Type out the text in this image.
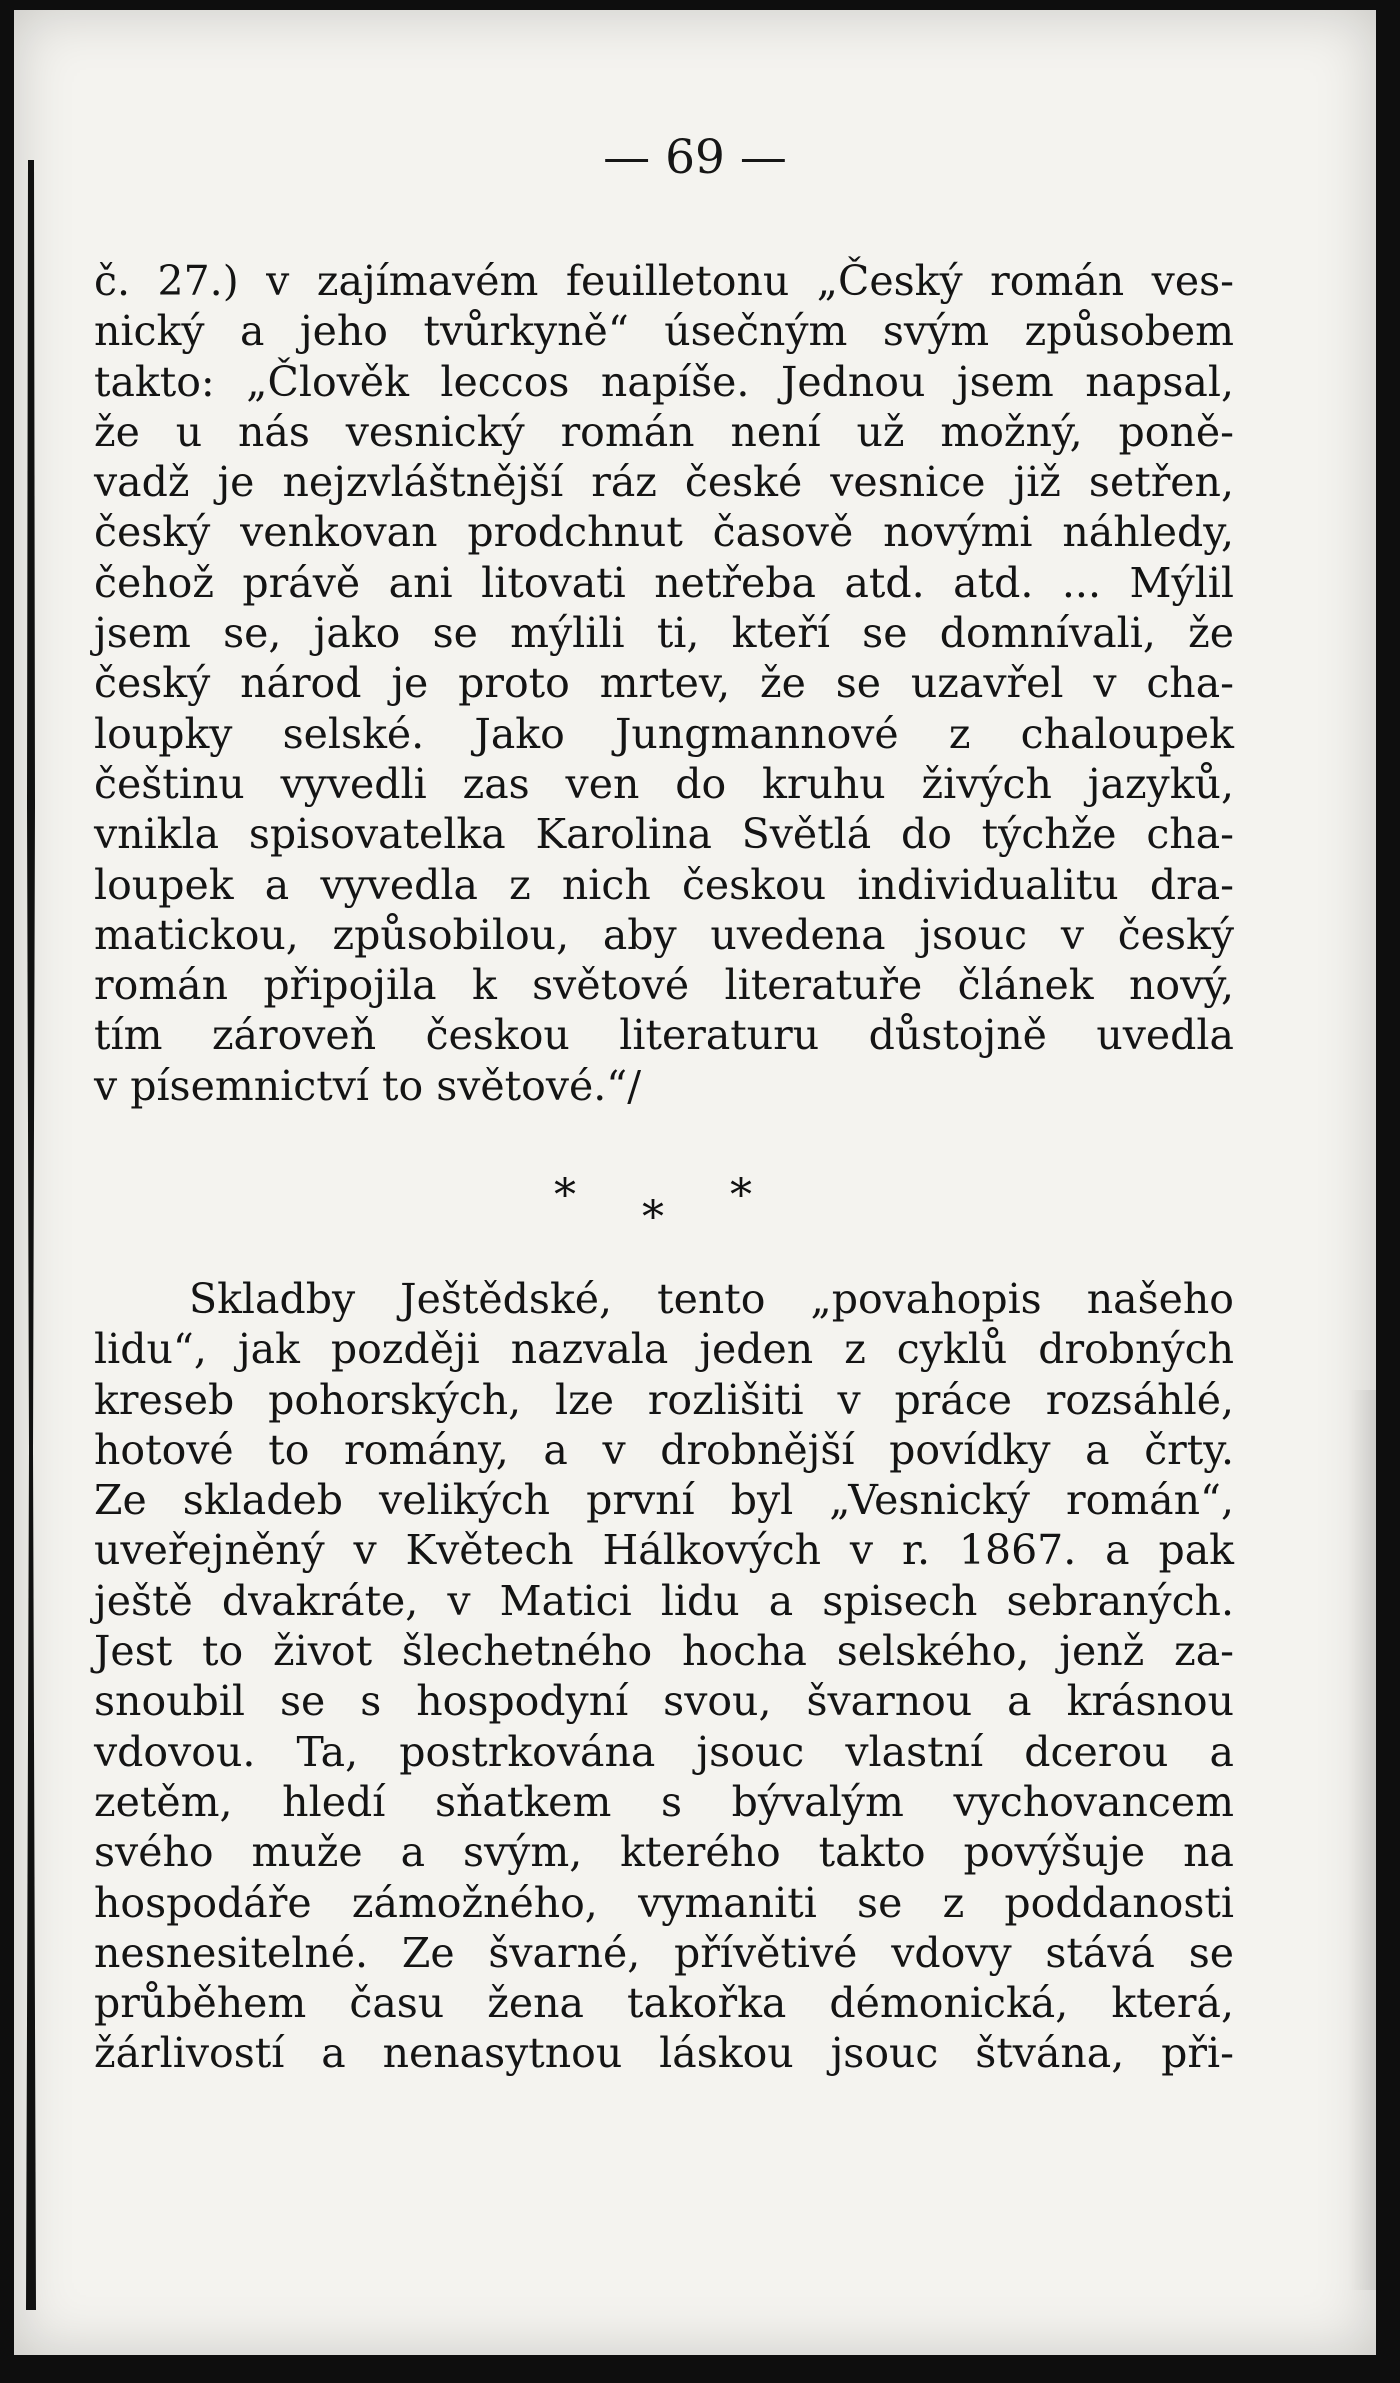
— 69 —
č. 27.) v zajímavém feuilletonu „Český román ves-
nický a jeho tvůrkyně“ úsečným svým způsobem
takto: „Člověk leccos napíše. Jednou jsem napsal,
že u nás vesnický román není už možný, poně-
vadž je nejzvláštnější ráz české vesnice již setřen,
český venkovan prodchnut časově novými náhledy,
čehož právě ani litovati netřeba atd. atd. ... Mýlil
jsem se, jako se mýlili ti, kteří se domnívali, že
český národ je proto mrtev, že se uzavřel v cha-
loupky selské. Jako Jungmannové z chaloupek
češtinu vyvedli zas ven do kruhu živých jazyků,
vnikla spisovatelka Karolina Světlá do týchže cha-
loupek a vyvedla z nich českou individualitu dra-
matickou, způsobilou, aby uvedena jsouc v český
román připojila k světové literatuře článek nový,
tím zároveň českou literaturu důstojně uvedla
v písemnictví to světové.“/
* * *
Skladby Ještědské, tento „povahopis našeho
lidu“, jak později nazvala jeden z cyklů drobných
kreseb pohorských, lze rozlišiti v práce rozsáhlé,
hotové to romány, a v drobnější povídky a črty.
Ze skladeb velikých první byl „Vesnický román“,
uveřejněný v Květech Hálkových v r. 1867. a pak
ještě dvakráte, v Matici lidu a spisech sebraných.
Jest to život šlechetného hocha selského, jenž za-
snoubil se s hospodyní svou, švarnou a krásnou
vdovou. Ta, postrkována jsouc vlastní dcerou a
zetěm, hledí sňatkem s bývalým vychovancem
svého muže a svým, kterého takto povýšuje na
hospodáře zámožného, vymaniti se z poddanosti
nesnesitelné. Ze švarné, přívětivé vdovy stává se
průběhem času žena takořka démonická, která,
žárlivostí a nenasytnou láskou jsouc štvána, při-
